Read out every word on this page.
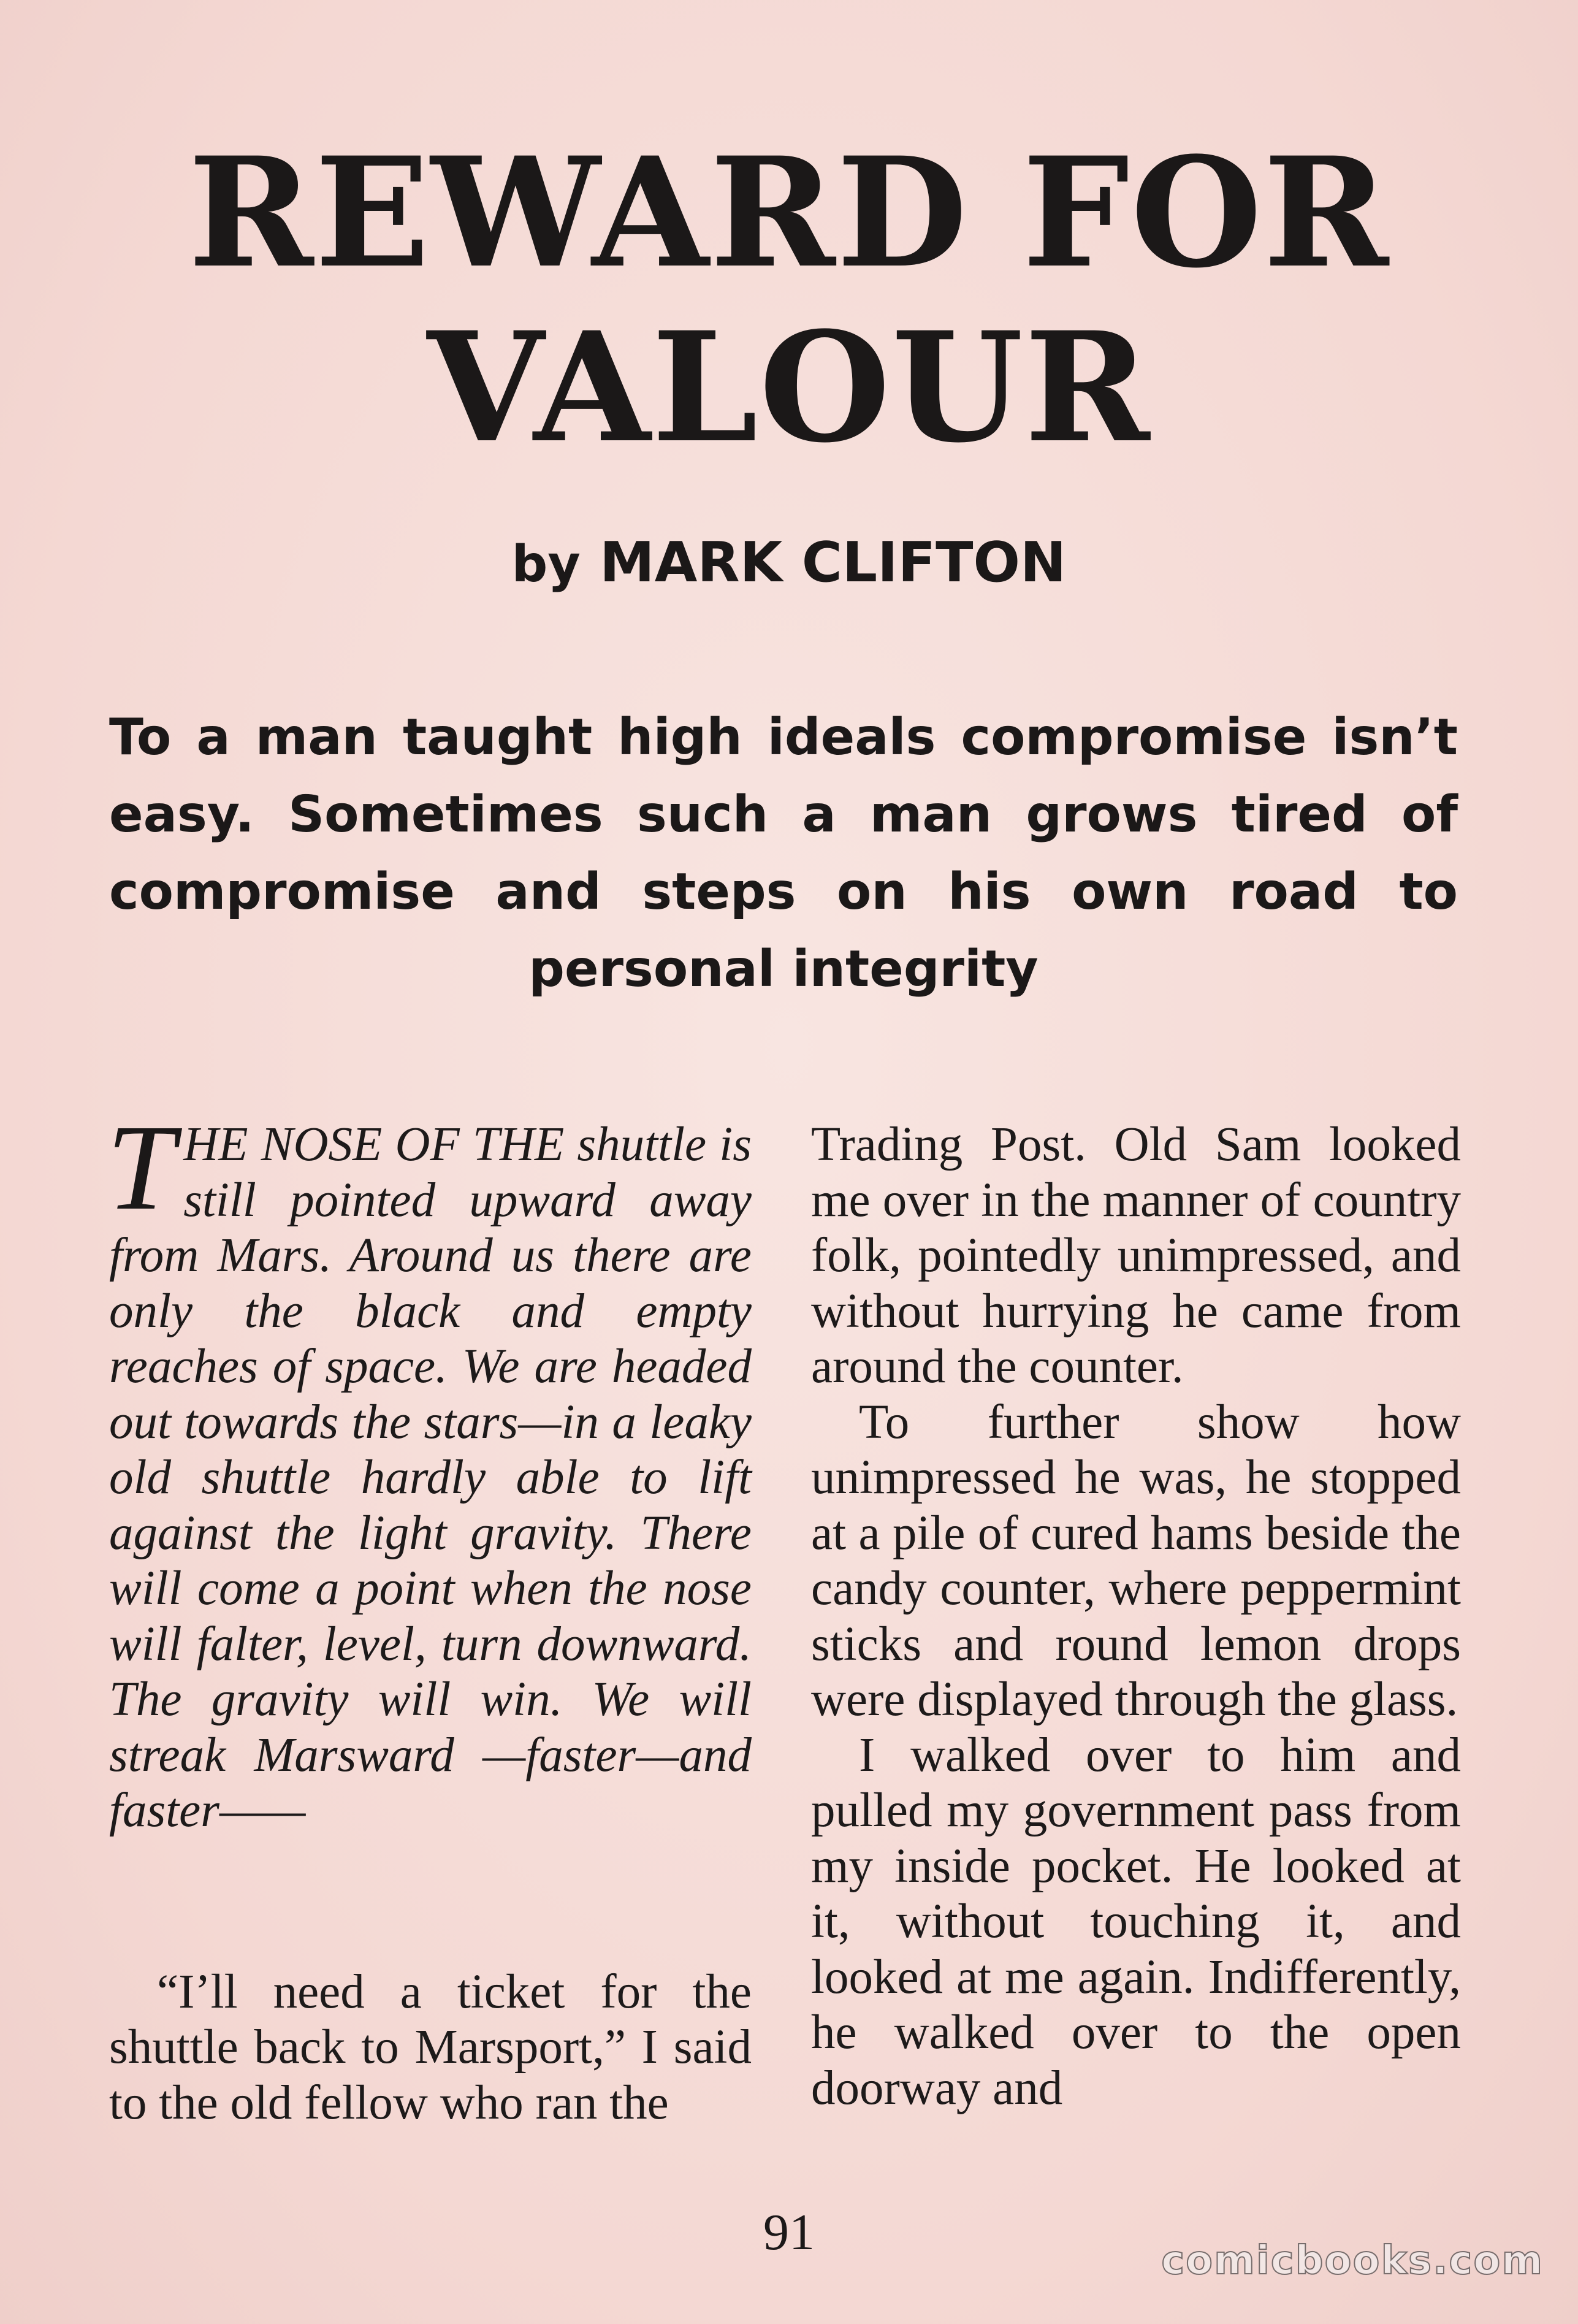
REWARD FOR
VALOUR
by MARK CLIFTON
To a man taught high ideals compromise isn’t easy. Sometimes such a man grows tired of compromise and steps on his own road to personal integrity

THE NOSE OF THE shuttle is still pointed upward away from Mars. Around us there are only the black and empty reaches of space. We are headed out towards the stars—in a leaky old shuttle hardly able to lift against the light gravity. There will come a point when the nose will falter, level, turn downward. The gravity will win. We will streak Marsward —faster—and faster——

“I’ll need a ticket for the shuttle back to Marsport,” I said to the old fellow who ran the

Trading Post. Old Sam looked me over in the manner of country folk, pointedly unimpressed, and without hurrying he came from around the counter.

To further show how unimpressed he was, he stopped at a pile of cured hams beside the candy counter, where peppermint sticks and round lemon drops were displayed through the glass.

I walked over to him and pulled my government pass from my inside pocket. He looked at it, without touching it, and looked at me again. Indifferently, he walked over to the open doorway and

91	comicbooks.com
